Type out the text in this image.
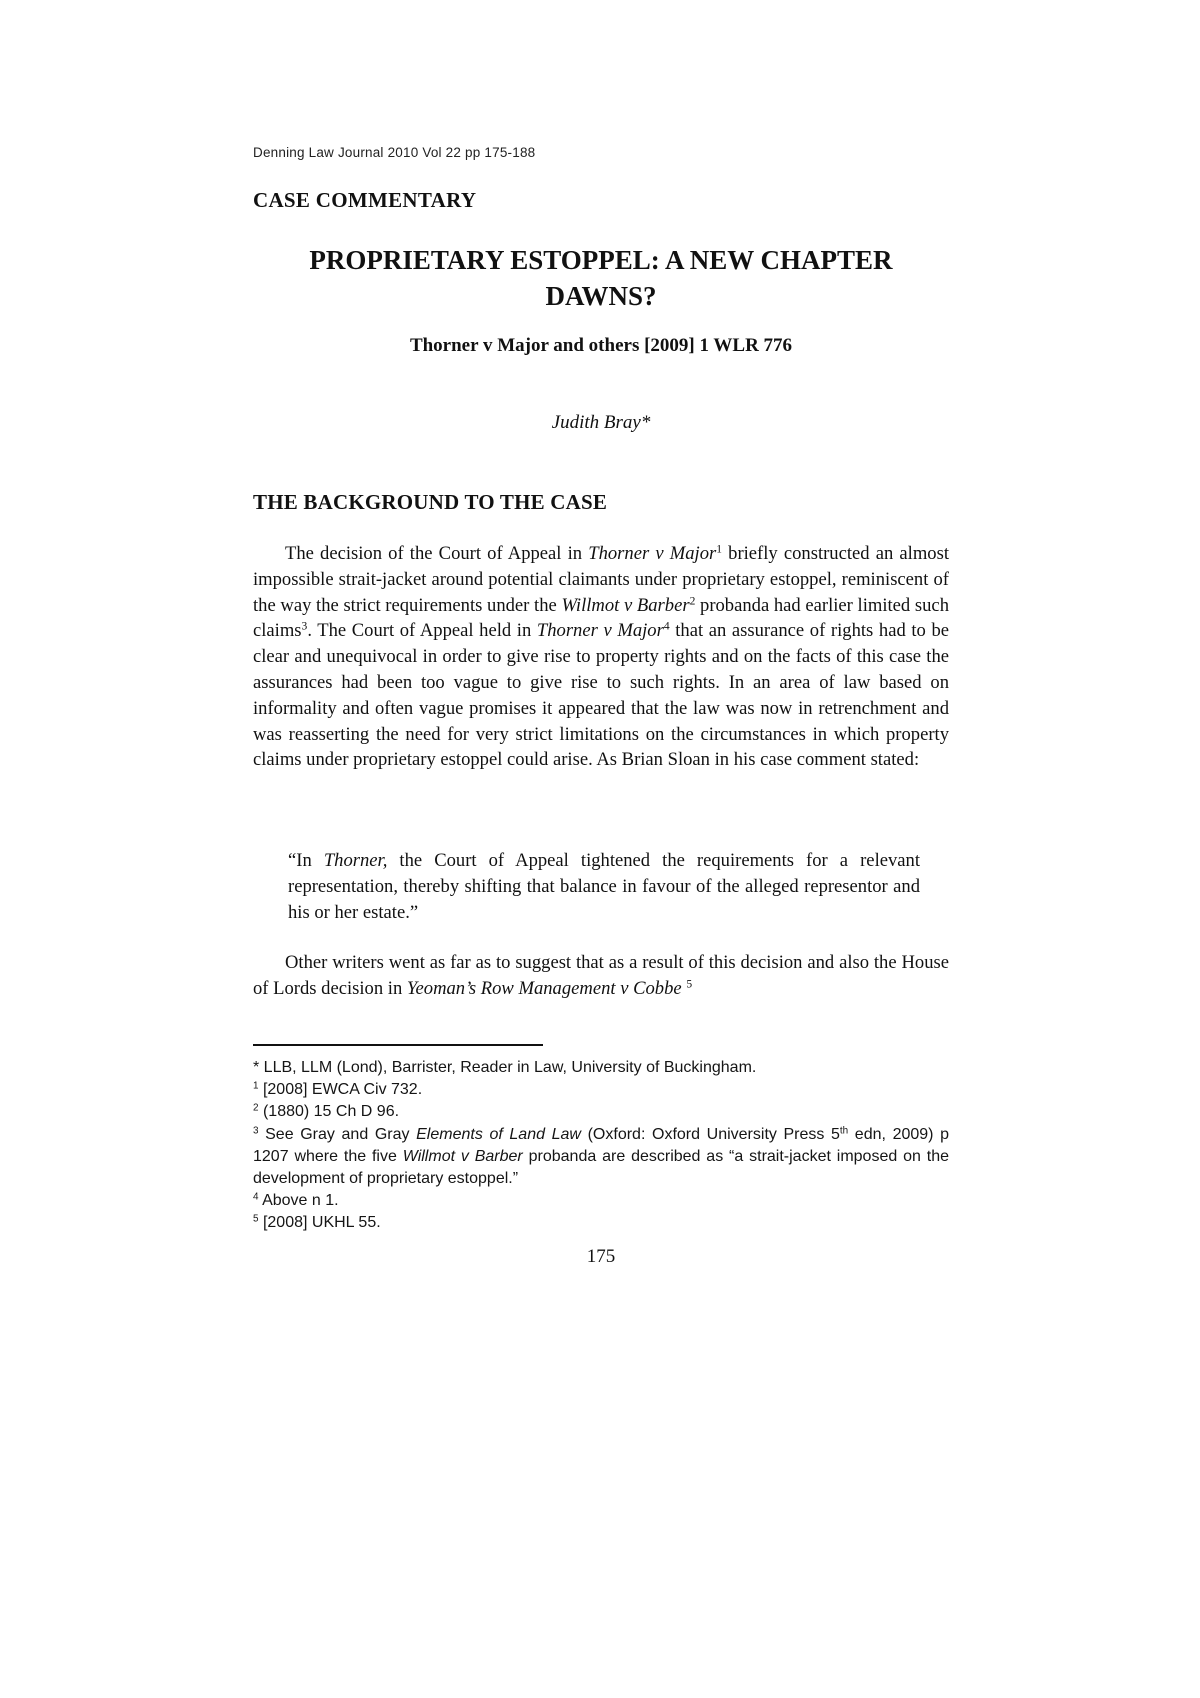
Denning Law Journal 2010 Vol 22 pp 175-188
CASE COMMENTARY
PROPRIETARY ESTOPPEL: A NEW CHAPTER
DAWNS?
Thorner v Major and others [2009] 1 WLR 776
Judith Bray*
THE BACKGROUND TO THE CASE

The decision of the Court of Appeal in Thorner v Major$^1$ briefly constructed an almost impossible strait-jacket around potential claimants under proprietary estoppel, reminiscent of the way the strict requirements under the Willmot v Barber$^2$ probanda had earlier limited such claims$^3$. The Court of Appeal held in Thorner v Major$^4$ that an assurance of rights had to be clear and unequivocal in order to give rise to property rights and on the facts of this case the assurances had been too vague to give rise to such rights. In an area of law based on informality and often vague promises it appeared that the law was now in retrenchment and was reasserting the need for very strict limitations on the circumstances in which property claims under proprietary estoppel could arise. As Brian Sloan in his case comment stated:

“In Thorner, the Court of Appeal tightened the requirements for a relevant representation, thereby shifting that balance in favour of the alleged representor and his or her estate.”

Other writers went as far as to suggest that as a result of this decision and also the House of Lords decision in Yeoman’s Row Management v Cobbe $^5$

* LLB, LLM (Lond), Barrister, Reader in Law, University of Buckingham.

$^1$ [2008] EWCA Civ 732.

$^2$ (1880) 15 Ch D 96.

$^3$ See Gray and Gray Elements of Land Law (Oxford: Oxford University Press 5th edn, 2009) p 1207 where the five Willmot v Barber probanda are described as “a strait-jacket imposed on the development of proprietary estoppel.”

$^4$ Above n 1.

$^5$ [2008] UKHL 55.

175
